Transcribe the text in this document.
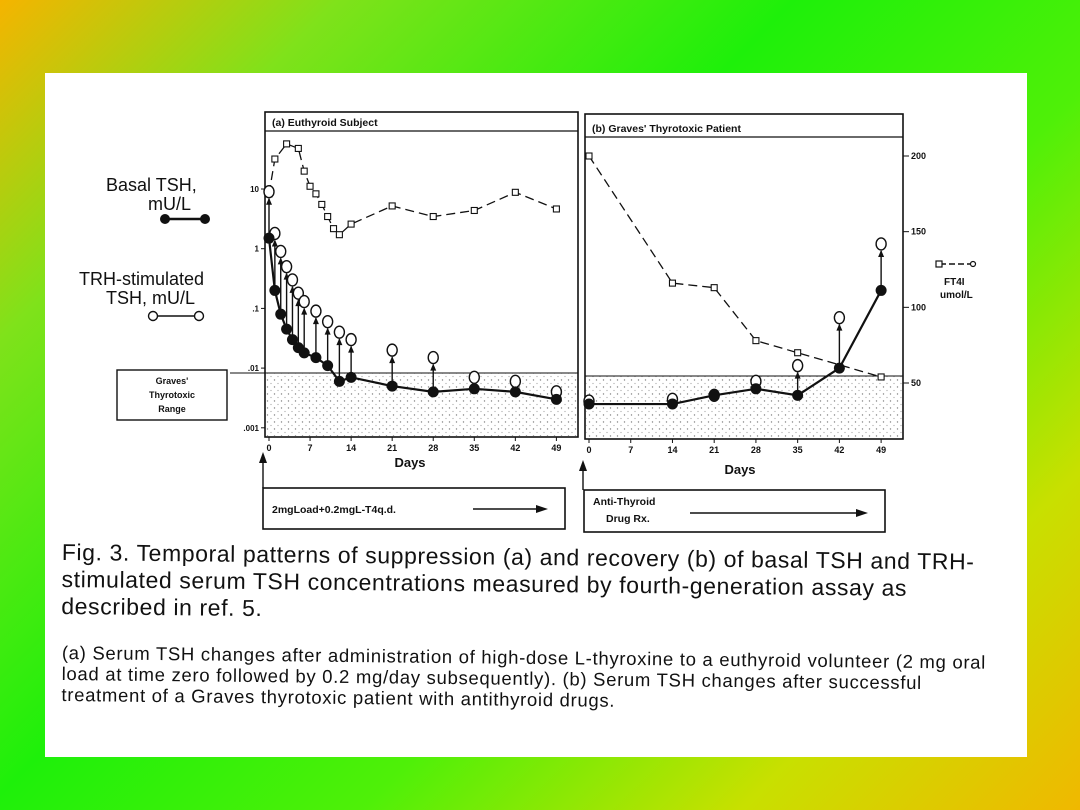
(a) Euthyroid Subject	(b) Graves' Thyrotoxic Patient
Basal TSH,
mU/L
TRH-stimulated
TSH, mU/L
FT4I
umol/L
Graves'
Thyrotoxic
Range
0	7	14	21	28	35	42	49
10
1
.1
.01
.001
0	7	14	21	28	35	42	49
50
100
150
200
Days	Days
2mgLoad+0.2mgL-T4q.d.
Anti-Thyroid
Drug Rx.
Fig. 3. Temporal patterns of suppression (a) and recovery (b) of basal TSH and TRH-stimulated serum TSH concentrations measured by fourth-generation assay as described in ref. 5.
(a) Serum TSH changes after administration of high-dose L-thyroxine to a euthyroid volunteer (2 mg oral load at time zero followed by 0.2 mg/day subsequently). (b) Serum TSH changes after successful treatment of a Graves thyrotoxic patient with antithyroid drugs.
